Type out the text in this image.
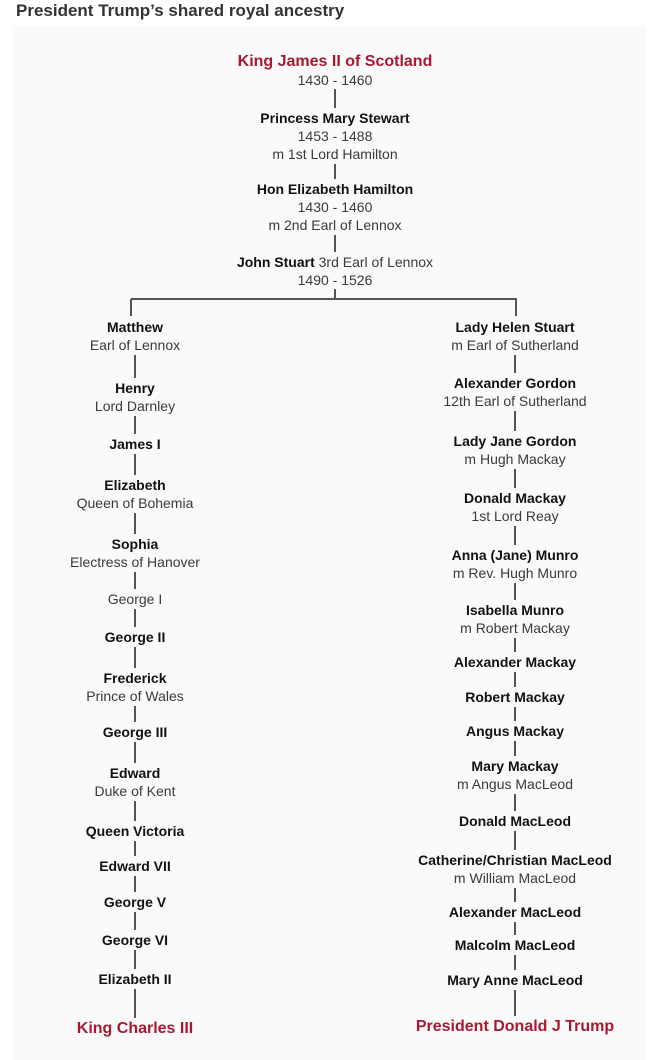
President Trump’s shared royal ancestry
King James II of Scotland
1430 - 1460
Princess Mary Stewart
1453 - 1488
m 1st Lord Hamilton
Hon Elizabeth Hamilton
1430 - 1460
m 2nd Earl of Lennox
John Stuart 3rd Earl of Lennox
1490 - 1526
Matthew
Earl of Lennox
Henry
Lord Darnley
James I
Elizabeth
Queen of Bohemia
Sophia
Electress of Hanover
George I
George II
Frederick
Prince of Wales
George III
Edward
Duke of Kent
Queen Victoria
Edward VII
George V
George VI
Elizabeth II
King Charles III
Lady Helen Stuart
m Earl of Sutherland
Alexander Gordon
12th Earl of Sutherland
Lady Jane Gordon
m Hugh Mackay
Donald Mackay
1st Lord Reay
Anna (Jane) Munro
m Rev. Hugh Munro
Isabella Munro
m Robert Mackay
Alexander Mackay
Robert Mackay
Angus Mackay
Mary Mackay
m Angus MacLeod
Donald MacLeod
Catherine/Christian MacLeod
m William MacLeod
Alexander MacLeod
Malcolm MacLeod
Mary Anne MacLeod
President Donald J Trump
